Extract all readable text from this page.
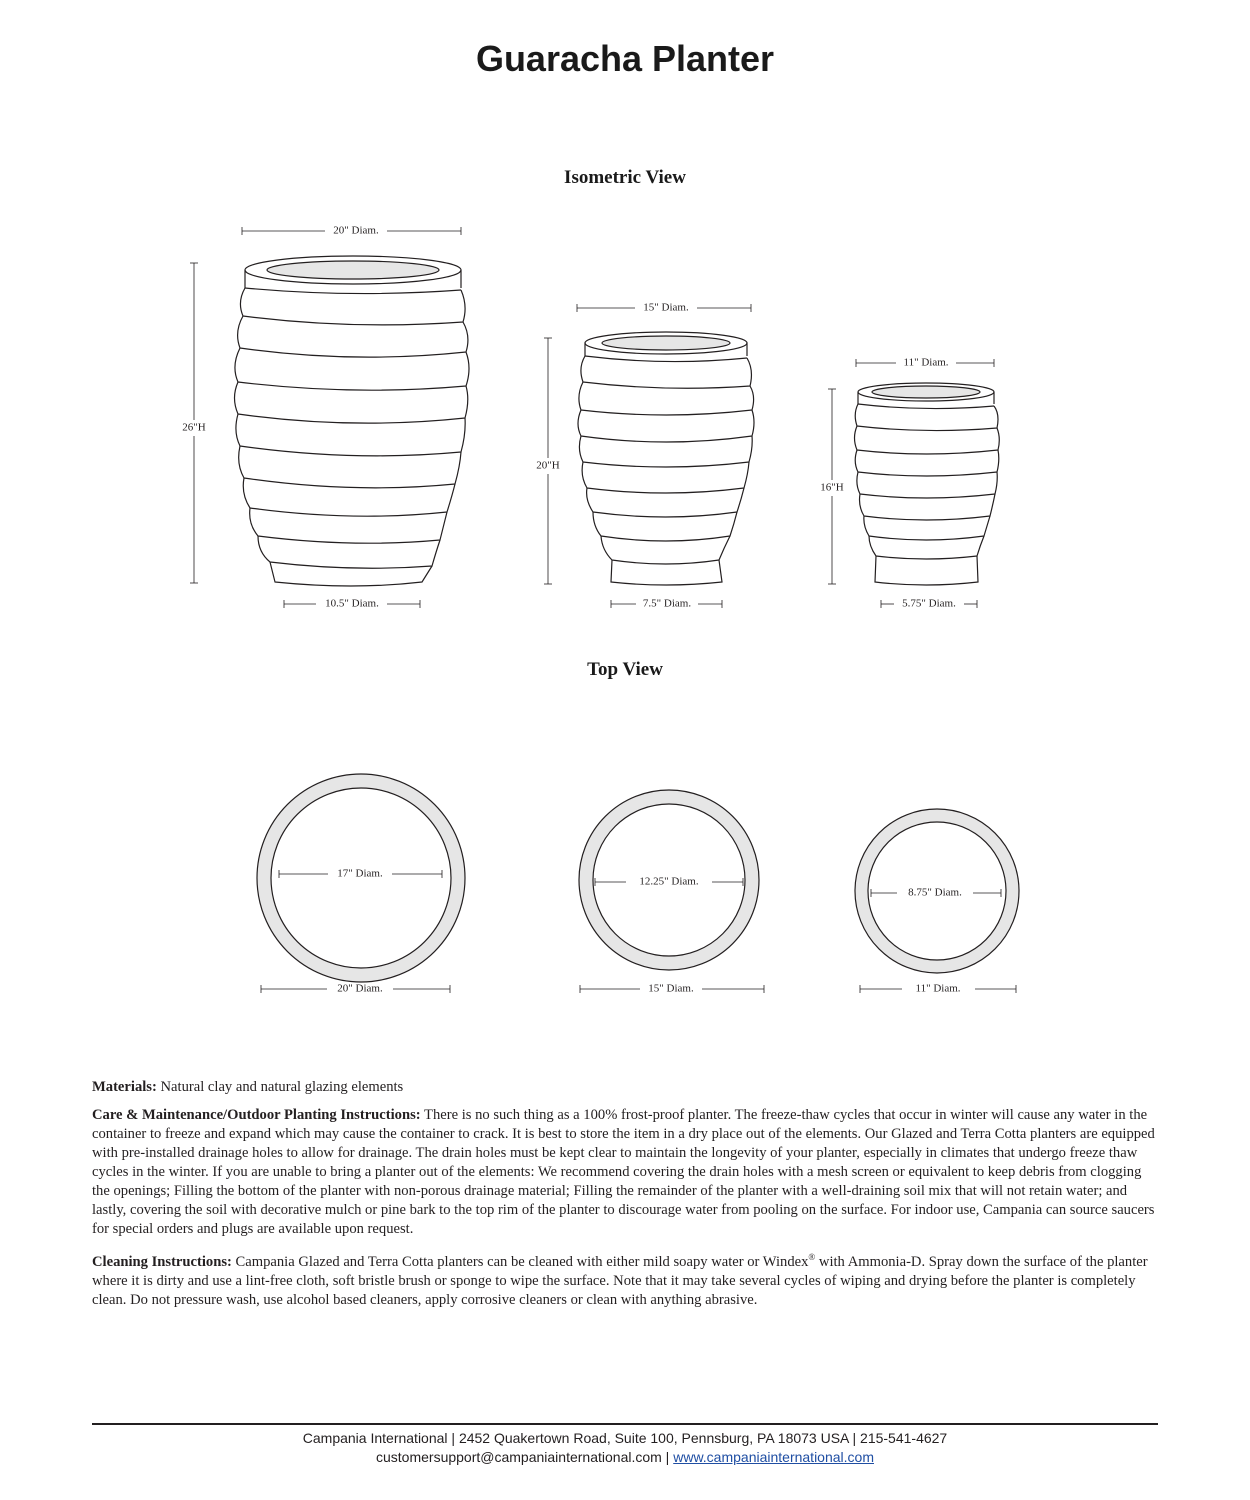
Guaracha Planter
Isometric View
20" Diam.
26"H
10.5" Diam.
15" Diam.
20"H
7.5" Diam.
11" Diam.
16"H
5.75" Diam.
17" Diam.
20" Diam.
12.25" Diam.
15" Diam.
8.75" Diam.
11" Diam.
Top View

Materials: Natural clay and natural glazing elements

Care & Maintenance/Outdoor Planting Instructions: There is no such thing as a 100% frost-proof planter. The freeze-thaw cycles that occur in winter will cause any water in the container to freeze and expand which may cause the container to crack. It is best to store the item in a dry place out of the elements. Our Glazed and Terra Cotta planters are equipped with pre-installed drainage holes to allow for drainage. The drain holes must be kept clear to maintain the longevity of your planter, especially in climates that undergo freeze thaw cycles in the winter. If you are unable to bring a planter out of the elements: We recommend covering the drain holes with a mesh screen or equivalent to keep debris from clogging the openings; Filling the bottom of the planter with non-porous drainage material; Filling the remainder of the planter with a well-draining soil mix that will not retain water; and lastly, covering the soil with decorative mulch or pine bark to the top rim of the planter to discourage water from pooling on the surface. For indoor use, Campania can source saucers for special orders and plugs are available upon request.

Cleaning Instructions: Campania Glazed and Terra Cotta planters can be cleaned with either mild soapy water or Windex® with Ammonia-D. Spray down the surface of the planter where it is dirty and use a lint-free cloth, soft bristle brush or sponge to wipe the surface. Note that it may take several cycles of wiping and drying before the planter is completely clean. Do not pressure wash, use alcohol based cleaners, apply corrosive cleaners or clean with anything abrasive.

Campania International | 2452 Quakertown Road, Suite 100, Pennsburg, PA 18073 USA | 215-541-4627
customersupport@campaniainternational.com | www.campaniainternational.com
